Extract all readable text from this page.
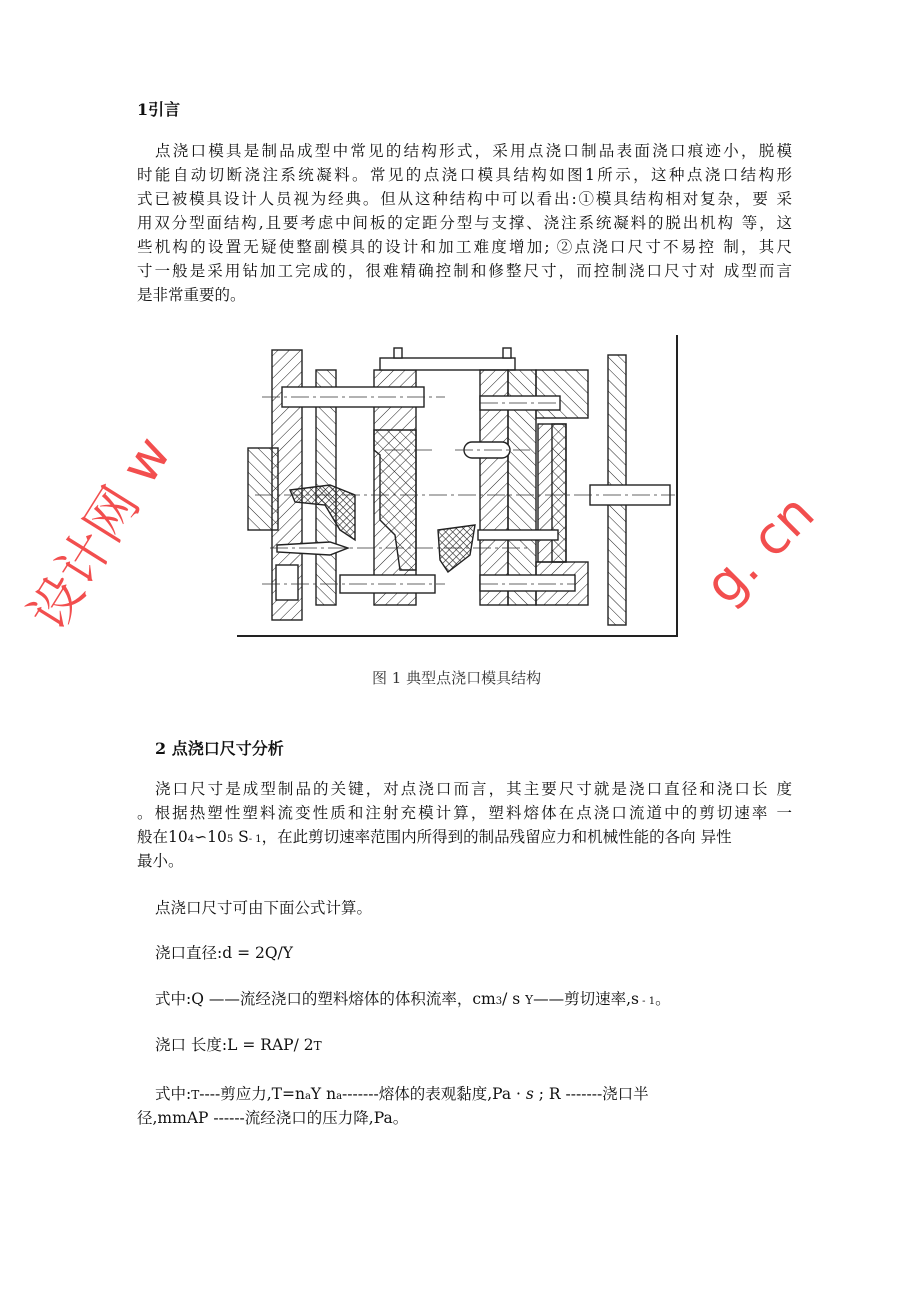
1引言
点浇口模具是制品成型中常见的结构形式，采用点浇口制品表面浇口痕迹小，脱模
时能自动切断浇注系统凝料。常见的点浇口模具结构如图1所示，这种点浇口结构形
式已被模具设计人员视为经典。但从这种结构中可以看出:①模具结构相对复杂，要 采
用双分型面结构,且要考虑中间板的定距分型与支撑、浇注系统凝料的脱出机构 等，这
些机构的设置无疑使整副模具的设计和加工难度增加; ②点浇口尺寸不易控 制，其尺
寸一般是采用钻加工完成的，很难精确控制和修整尺寸，而控制浇口尺寸对 成型而言
是非常重要的。
图 1 典型点浇口模具结构
设计网 w	g. cn
2 点浇口尺寸分析
浇口尺寸是成型制品的关键，对点浇口而言，其主要尺寸就是浇口直径和浇口长 度
。根据热塑性塑料流变性质和注射充模计算，塑料熔体在点浇口流道中的剪切速率 一
般在104∽105 S- 1，在此剪切速率范围内所得到的制品残留应力和机械性能的各向 异性
最小。
点浇口尺寸可由下面公式计算。
浇口直径:d = 2Q/Y
式中:Q ——流经浇口的塑料熔体的体积流率，cm3/ s Y——剪切速率,s - 1。
浇口 长度:L = RAP/ 2T
式中:T----剪应力,T=naY na-------熔体的表观黏度,Pa · s ; R -------浇口半
径,mmAP ------流经浇口的压力降,Pa。
